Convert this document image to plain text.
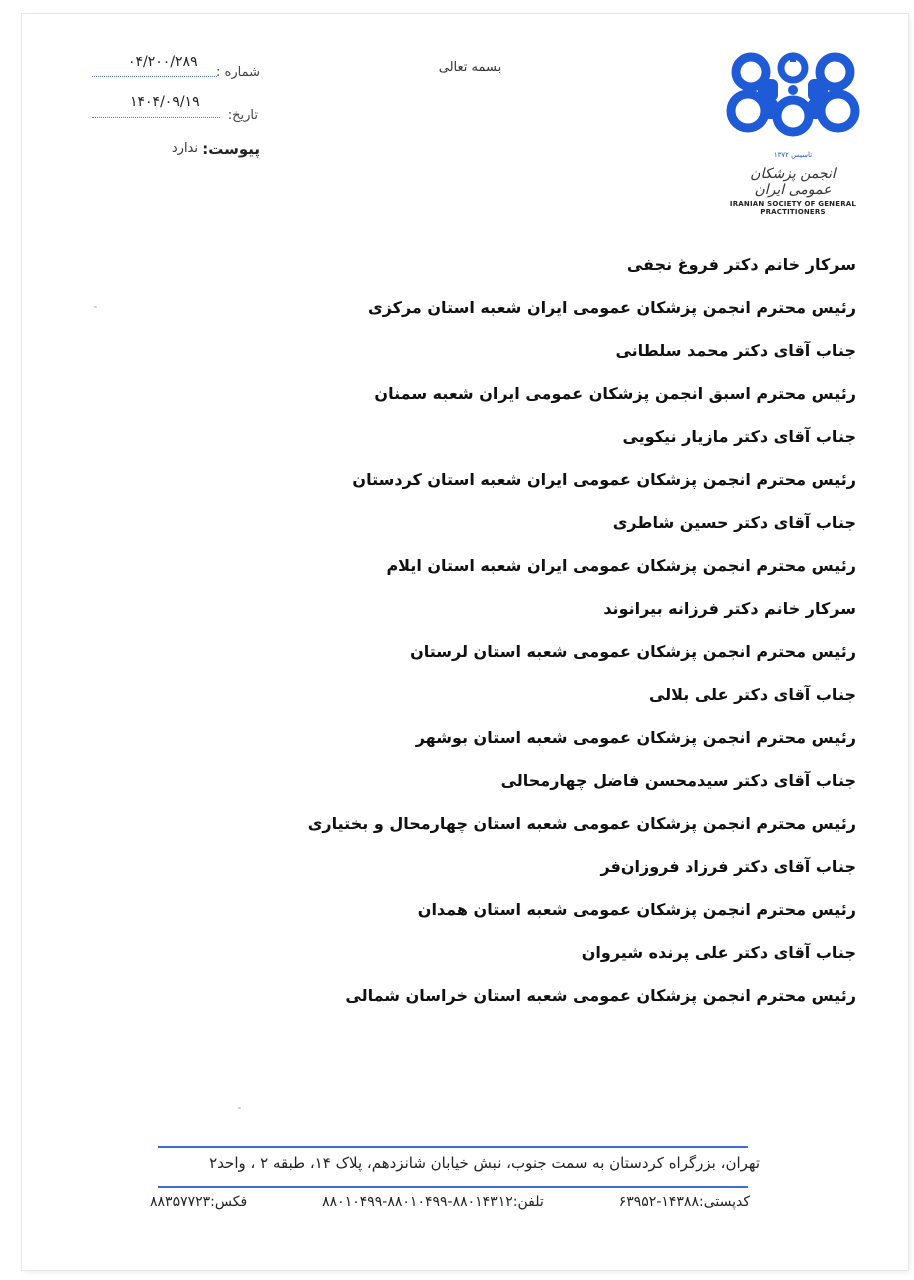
شماره :
۰۴/۲۰۰/۲۸۹
تاریخ:
۱۴۰۴/۰۹/۱۹
پیوست:
ندارد
بسمه تعالی
تاسیس ۱۳۷۲
انجمن پزشکان عمومی ایران
IRANIAN SOCIETY OF GENERAL PRACTITIONERS
سرکار خانم دکتر فروغ نجفی
رئیس محترم انجمن پزشکان عمومی ایران شعبه استان مرکزی
جناب آقای دکتر محمد سلطانی
رئیس محترم اسبق انجمن پزشکان عمومی ایران شعبه سمنان
جناب آقای دکتر مازیار نیکویی
رئیس محترم انجمن پزشکان عمومی ایران شعبه استان کردستان
جناب آقای دکتر حسین شاطری
رئیس محترم انجمن پزشکان عمومی ایران شعبه استان ایلام
سرکار خانم دکتر فرزانه بیرانوند
رئیس محترم انجمن پزشکان عمومی شعبه استان لرستان
جناب آقای دکتر علی بلالی
رئیس محترم انجمن پزشکان عمومی شعبه استان بوشهر
جناب آقای دکتر سیدمحسن فاضل چهارمحالی
رئیس محترم انجمن پزشکان عمومی شعبه استان چهارمحال و بختیاری
جناب آقای دکتر فرزاد فروزان‌فر
رئیس محترم انجمن پزشکان عمومی شعبه استان همدان
جناب آقای دکتر علی پرنده شیروان
رئیس محترم انجمن پزشکان عمومی شعبه استان خراسان شمالی
تهران، بزرگراه کردستان به سمت جنوب، نبش خیابان شانزدهم، پلاک ۱۴، طبقه ۲ ، واحد۲
کدپستی:۱۴۳۸۸-۶۳۹۵۲
تلفن:۸۸۰۱۴۳۱۲-۸۸۰۱۰۴۹۹-۸۸۰۱۰۴۹۹
فکس:۸۸۳۵۷۷۲۳
